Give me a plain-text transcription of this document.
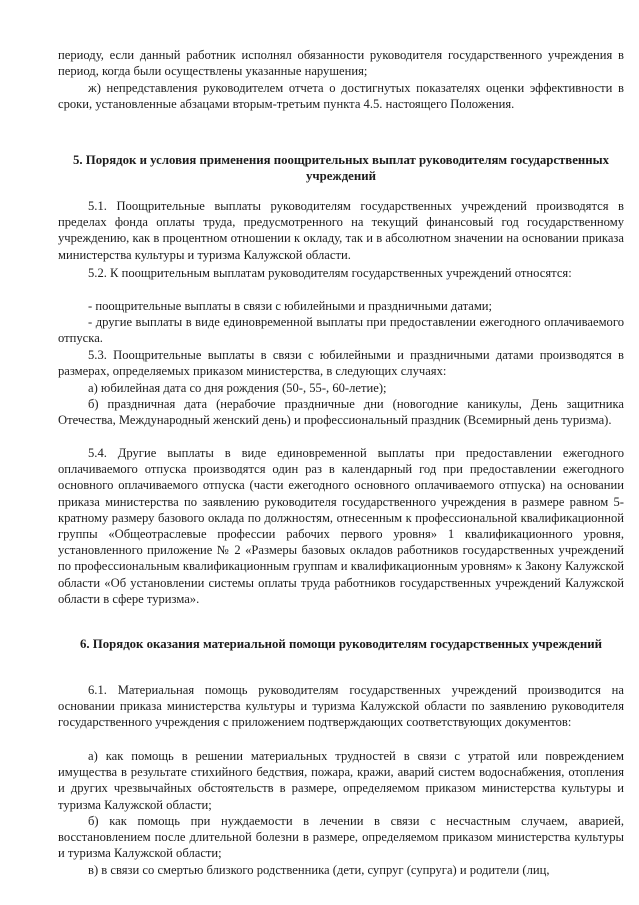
периоду, если данный работник исполнял обязанности руководителя государственного учреждения в период, когда были осуществлены указанные нарушения;

ж) непредставления руководителем отчета о достигнутых показателях оценки эффективности в сроки, установленные абзацами вторым-третьим пункта 4.5. настоящего Положения.

5. Порядок и условия применения поощрительных выплат руководителям государственных учреждений

5.1. Поощрительные выплаты руководителям государственных учреждений производятся в пределах фонда оплаты труда, предусмотренного на текущий финансовый год государственному учреждению, как в процентном отношении к окладу, так и в абсолютном значении на основании приказа министерства культуры и туризма Калужской области.

5.2. К поощрительным выплатам руководителям государственных учреждений относятся:

- поощрительные выплаты в связи с юбилейными и праздничными датами;

- другие выплаты в виде единовременной выплаты при предоставлении ежегодного оплачиваемого отпуска.

5.3. Поощрительные выплаты в связи с юбилейными и праздничными датами производятся в размерах, определяемых приказом министерства, в следующих случаях:

а) юбилейная дата со дня рождения (50-, 55-, 60-летие);

б) праздничная дата (нерабочие праздничные дни (новогодние каникулы, День защитника Отечества, Международный женский день) и профессиональный праздник (Всемирный день туризма).

5.4. Другие выплаты в виде единовременной выплаты при предоставлении ежегодного оплачиваемого отпуска производятся один раз в календарный год при предоставлении ежегодного основного оплачиваемого отпуска (части ежегодного основного оплачиваемого отпуска) на основании приказа министерства по заявлению руководителя государственного учреждения в размере равном 5-кратному размеру базового оклада по должностям, отнесенным к профессиональной квалификационной группы «Общеотраслевые профессии рабочих первого уровня» 1 квалификационного уровня, установленного приложение № 2 «Размеры базовых окладов работников государственных учреждений по профессиональным квалификационным группам и квалификационным уровням» к Закону Калужской области «Об установлении системы оплаты труда работников государственных учреждений Калужской области в сфере туризма».

6. Порядок оказания материальной помощи руководителям государственных учреждений

6.1. Материальная помощь руководителям государственных учреждений производится на основании приказа министерства культуры и туризма Калужской области по заявлению руководителя государственного учреждения с приложением подтверждающих соответствующих документов:

а) как помощь в решении материальных трудностей в связи с утратой или повреждением имущества в результате стихийного бедствия, пожара, кражи, аварий систем водоснабжения, отопления и других чрезвычайных обстоятельств в размере, определяемом приказом министерства культуры и туризма Калужской области;

б) как помощь при нуждаемости в лечении в связи с несчастным случаем, аварией, восстановлением после длительной болезни в размере, определяемом приказом министерства культуры и туризма Калужской области;

в) в связи со смертью близкого родственника (дети, супруг (супруга) и родители (лиц,
